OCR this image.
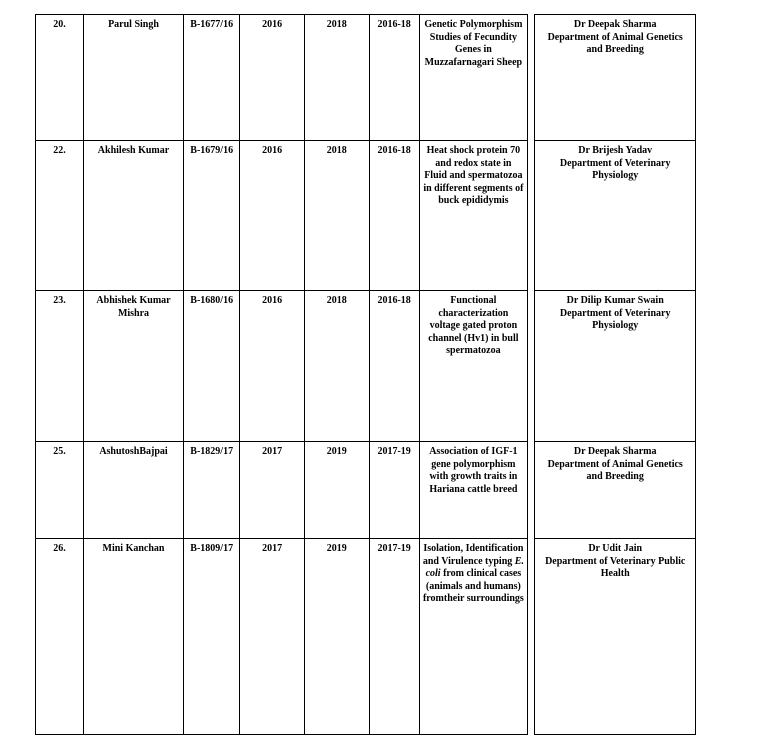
20.	Parul Singh	B-1677/16	2016	2018	2016-18	Genetic Polymorphism Studies of Fecundity Genes in Muzzafarnagari Sheep		Dr Deepak Sharma
Department of Animal Genetics and Breeding

22.	Akhilesh Kumar	B-1679/16	2016	2018	2016-18	Heat shock protein 70 and redox state in Fluid and spermatozoa in different segments of buck epididymis		Dr Brijesh Yadav
Department of Veterinary Physiology

23.	Abhishek Kumar Mishra	B-1680/16	2016	2018	2016-18	Functional characterization voltage gated proton channel (Hv1) in bull spermatozoa		Dr Dilip Kumar Swain
Department of Veterinary Physiology

25.	AshutoshBajpai	B-1829/17	2017	2019	2017-19	Association of IGF-1 gene polymorphism with growth traits in Hariana cattle breed		Dr Deepak Sharma
Department of Animal Genetics and Breeding

26.	Mini Kanchan	B-1809/17	2017	2019	2017-19	Isolation, Identification and Virulence typing E. coli from clinical cases (animals and humans) fromtheir surroundings		Dr Udit Jain
Department of Veterinary Public Health
